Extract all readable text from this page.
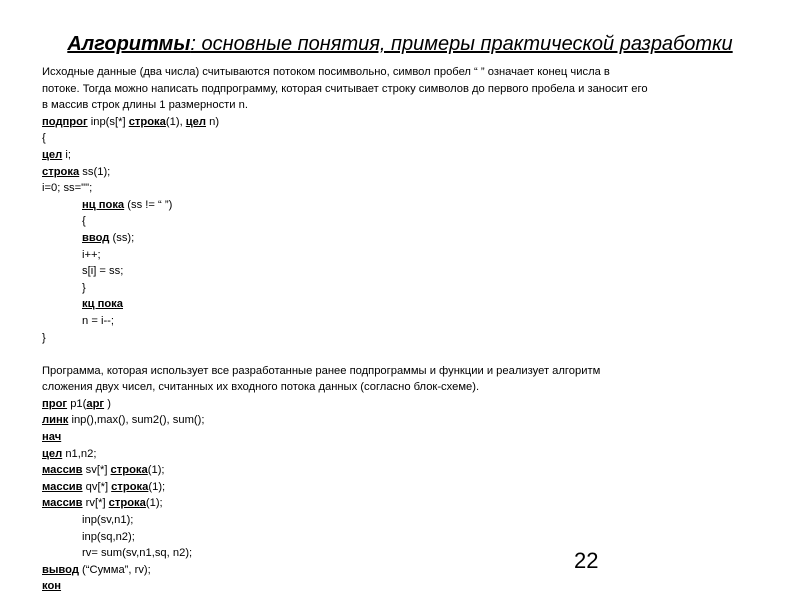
Алгоритмы: основные понятия, примеры практической разработки
Исходные данные (два числа) считываются потоком посимвольно, символ пробел “ ” означает конец числа в
потоке. Тогда можно написать подпрограмму, которая считывает строку символов до первого пробела и заносит его
в массив строк длины 1 размерности n.
подпрог inp(s[*] строка(1), цел n)
{
цел i;
строка ss(1);
i=0; ss="";
нц пока (ss != “ ”)
{
ввод (ss);
i++;
s[i] = ss;
}
кц пока
n = i--;
}
Программа, которая использует все разработанные ранее подпрограммы и функции и реализует алгоритм
сложения двух чисел, считанных их входного потока данных (согласно блок-схеме).
прог p1(арг )
линк inp(),max(), sum2(), sum();
нач
цел n1,n2;
массив sv[*] строка(1);
массив qv[*] строка(1);
массив rv[*] строка(1);
inp(sv,n1);
inp(sq,n2);
rv= sum(sv,n1,sq, n2);
вывод (“Сумма”, rv);
кон
22
